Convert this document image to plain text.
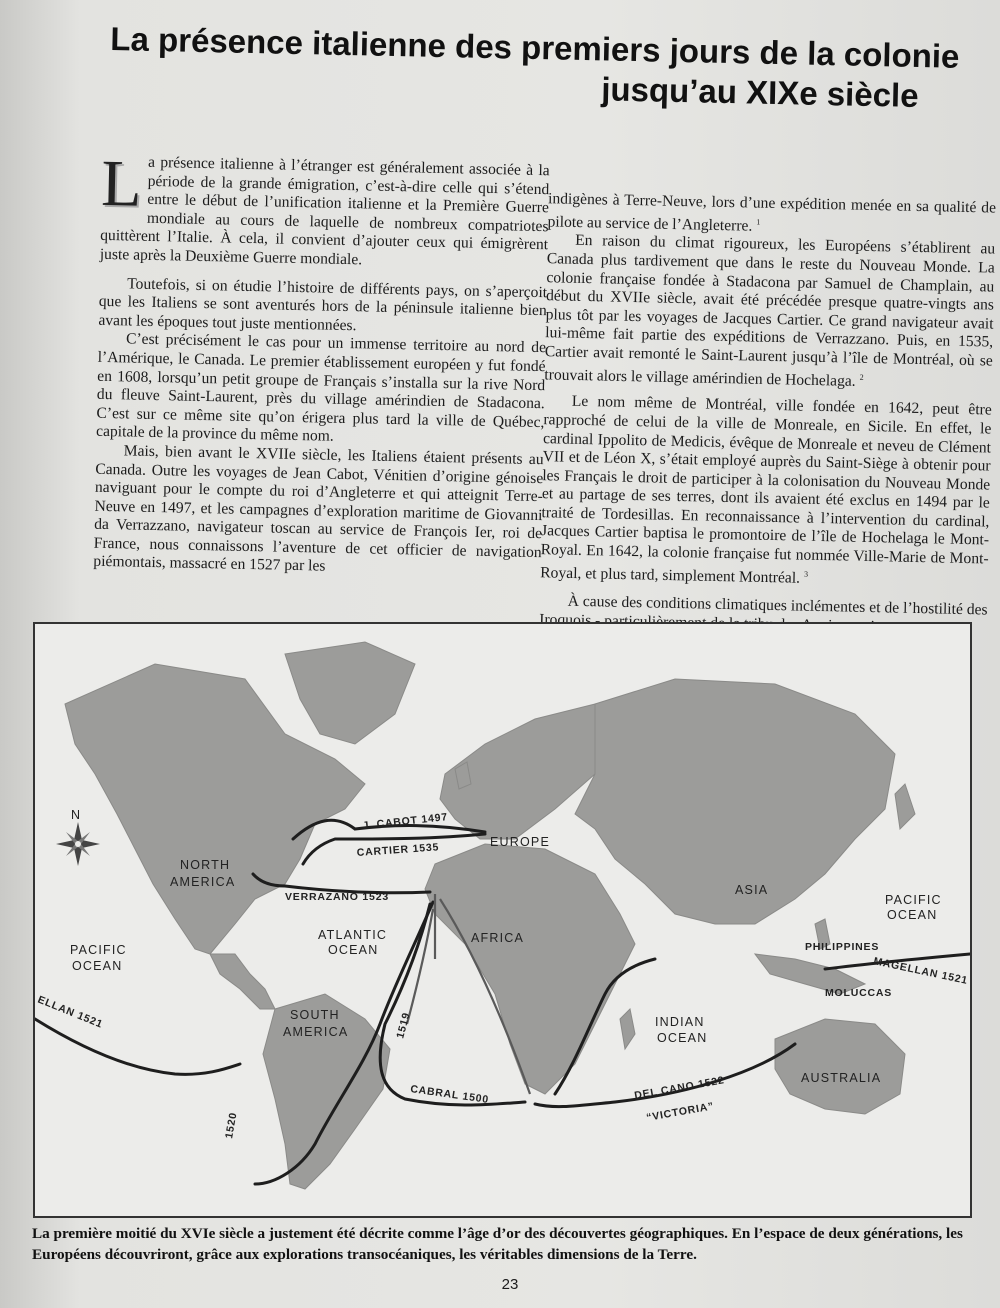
La présence italienne des premiers jours de la colonie
jusqu’au XIXe siècle

La présence italienne à l’étranger est généralement associée à la période de la grande émigration, c’est-à-dire celle qui s’étend entre le début de l’unification italienne et la Première Guerre mondiale au cours de laquelle de nombreux compatriotes quittèrent l’Italie. À cela, il convient d’ajouter ceux qui émigrèrent juste après la Deuxième Guerre mondiale.

Toutefois, si on étudie l’histoire de différents pays, on s’aperçoit que les Italiens se sont aventurés hors de la péninsule italienne bien avant les époques tout juste mentionnées.

C’est précisément le cas pour un immense territoire au nord de l’Amérique, le Canada. Le premier établissement européen y fut fondé en 1608, lorsqu’un petit groupe de Français s’installa sur la rive Nord du fleuve Saint-Laurent, près du village amérindien de Stadacona. C’est sur ce même site qu’on érigera plus tard la ville de Québec, capitale de la province du même nom.

Mais, bien avant le XVIIe siècle, les Italiens étaient présents au Canada. Outre les voyages de Jean Cabot, Vénitien d’origine génoise naviguant pour le compte du roi d’Angleterre et qui atteignit Terre-Neuve en 1497, et les campagnes d’exploration maritime de Giovanni da Verrazzano, navigateur toscan au service de François Ier, roi de France, nous connaissons l’aventure de cet officier de navigation piémontais, massacré en 1527 par les

indigènes à Terre-Neuve, lors d’une expédition menée en sa qualité de pilote au service de l’Angleterre. $^1$

En raison du climat rigoureux, les Européens s’établirent au Canada plus tardivement que dans le reste du Nouveau Monde. La colonie française fondée à Stadacona par Samuel de Champlain, au début du XVIIe siècle, avait été précédée presque quatre-vingts ans plus tôt par les voyages de Jacques Cartier. Ce grand navigateur avait lui-même fait partie des expéditions de Verrazzano. Puis, en 1535, Cartier avait remonté le Saint-Laurent jusqu’à l’île de Montréal, où se trouvait alors le village amérindien de Hochelaga. $^2$

Le nom même de Montréal, ville fondée en 1642, peut être rapproché de celui de la ville de Monreale, en Sicile. En effet, le cardinal Ippolito de Medicis, évêque de Monreale et neveu de Clément VII et de Léon X, s’était employé auprès du Saint-Siège à obtenir pour les Français le droit de participer à la colonisation du Nouveau Monde et au partage de ses terres, dont ils avaient été exclus en 1494 par le traité de Tordesillas. En reconnaissance à l’intervention du cardinal, Jacques Cartier baptisa le promontoire de l’île de Hochelaga le Mont-Royal. En 1642, la colonie française fut nommée Ville-Marie de Mont-Royal, et plus tard, simplement Montréal. $^3$

À cause des conditions climatiques inclémentes et de l’hostilité des Iroquois -

N
NORTH
AMERICA
SOUTH
AMERICA
EUROPE
AFRICA
ASIA
AUSTRALIA
ATLANTIC
OCEAN
PACIFIC
OCEAN
PACIFIC
OCEAN
INDIAN
OCEAN
PHILIPPINES
MOLUCCAS
J. CABOT 1497
CARTIER 1535
VERRAZANO 1523
CABRAL 1500
1519
1520
ELLAN 1521
MAGELLAN 1521
DEL CANO 1522
“VICTORIA”
La première moitié du XVIe siècle a justement été décrite comme l’âge d’or des découvertes géographiques. En l’espace de deux générations, les Européens découvriront, grâce aux explorations transocéaniques, les véritables dimensions de la Terre.
23
